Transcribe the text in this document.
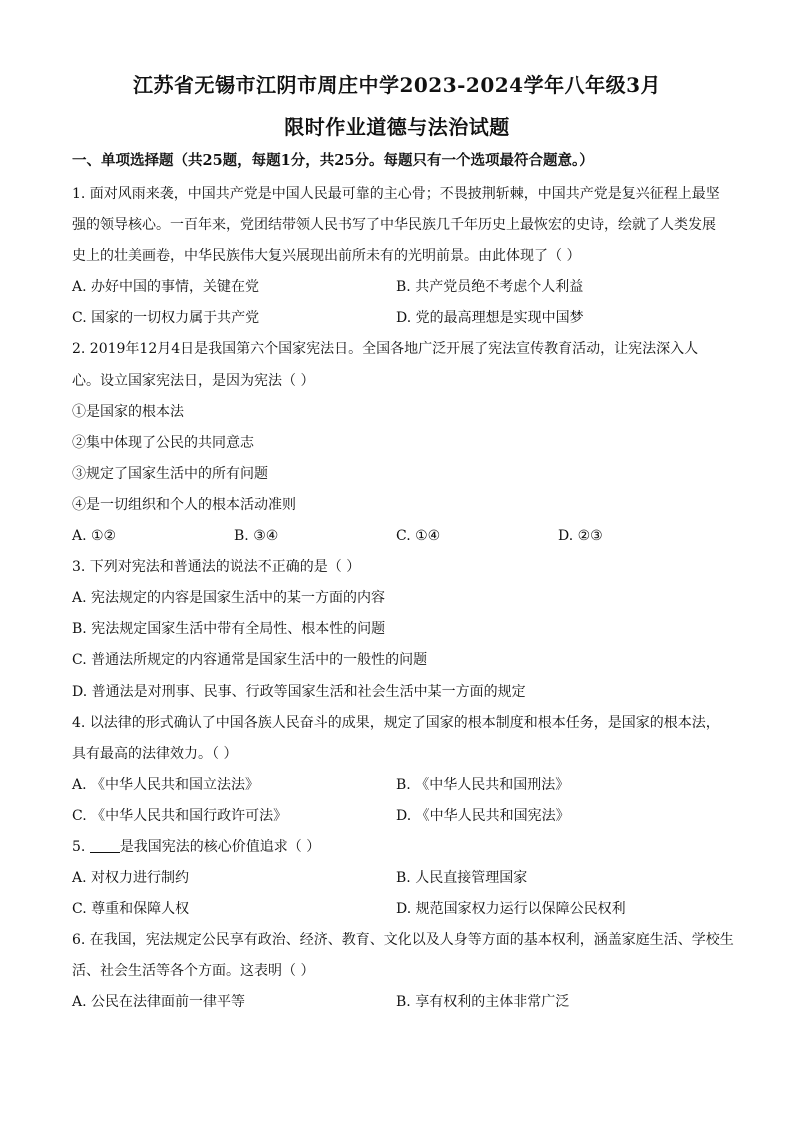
江苏省无锡市江阴市周庄中学2023-2024学年八年级3月
限时作业道德与法治试题
一、单项选择题（共25题，每题1分，共25分。每题只有一个选项最符合题意。）
1. 面对风雨来袭，中国共产党是中国人民最可靠的主心骨；不畏披荆斩棘，中国共产党是复兴征程上最坚
强的领导核心。一百年来，党团结带领人民书写了中华民族几千年历史上最恢宏的史诗，绘就了人类发展
史上的壮美画卷，中华民族伟大复兴展现出前所未有的光明前景。由此体现了（ ）
A. 办好中国的事情，关键在党	B. 共产党员绝不考虑个人利益
C. 国家的一切权力属于共产党	D. 党的最高理想是实现中国梦
2. 2019年12月4日是我国第六个国家宪法日。全国各地广泛开展了宪法宣传教育活动，让宪法深入人
心。设立国家宪法日，是因为宪法（ ）
①是国家的根本法
②集中体现了公民的共同意志
③规定了国家生活中的所有问题
④是一切组织和个人的根本活动准则
A. ①②	B. ③④	C. ①④	D. ②③
3. 下列对宪法和普通法的说法不正确的是（ ）
A. 宪法规定的内容是国家生活中的某一方面的内容
B. 宪法规定国家生活中带有全局性、根本性的问题
C. 普通法所规定的内容通常是国家生活中的一般性的问题
D. 普通法是对刑事、民事、行政等国家生活和社会生活中某一方面的规定
4. 以法律的形式确认了中国各族人民奋斗的成果，规定了国家的根本制度和根本任务，是国家的根本法，
具有最高的法律效力。（ ）
A. 《中华人民共和国立法法》	B. 《中华人民共和国刑法》
C. 《中华人民共和国行政许可法》	D. 《中华人民共和国宪法》
5. 是我国宪法的核心价值追求（ ）
A. 对权力进行制约	B. 人民直接管理国家
C. 尊重和保障人权	D. 规范国家权力运行以保障公民权利
6. 在我国，宪法规定公民享有政治、经济、教育、文化以及人身等方面的基本权利，涵盖家庭生活、学校生
活、社会生活等各个方面。这表明（ ）
A. 公民在法律面前一律平等	B. 享有权利的主体非常广泛
